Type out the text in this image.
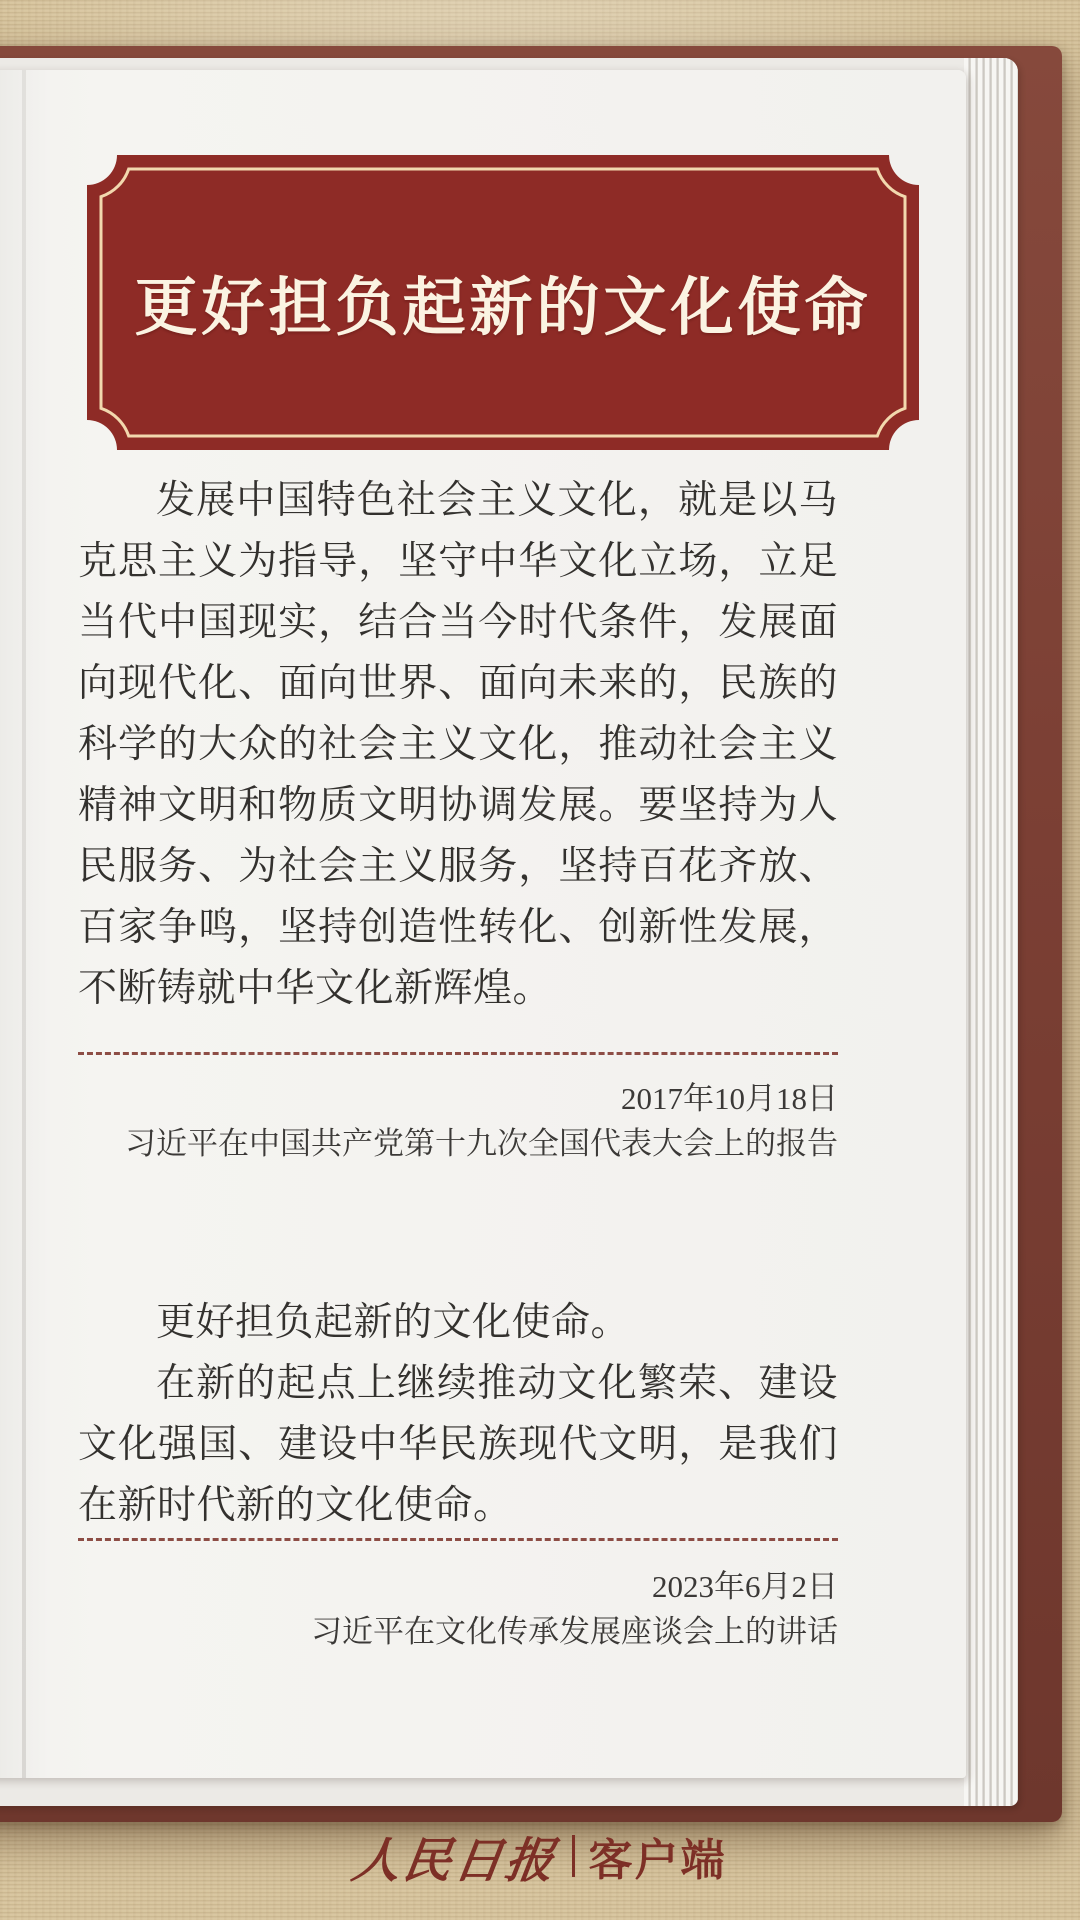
更好担负起新的文化使命

发展中国特色社会主义文化，就是以马克思主义为指导，坚守中华文化立场，立足当代中国现实，结合当今时代条件，发展面向现代化、面向世界、面向未来的，民族的科学的大众的社会主义文化，推动社会主义精神文明和物质文明协调发展。要坚持为人民服务、为社会主义服务，坚持百花齐放、百家争鸣，坚持创造性转化、创新性发展，不断铸就中华文化新辉煌。

2017年10月18日
习近平在中国共产党第十九次全国代表大会上的报告

更好担负起新的文化使命。

在新的起点上继续推动文化繁荣、建设文化强国、建设中华民族现代文明，是我们在新时代新的文化使命。

2023年6月2日
习近平在文化传承发展座谈会上的讲话
人民日报 客户端
